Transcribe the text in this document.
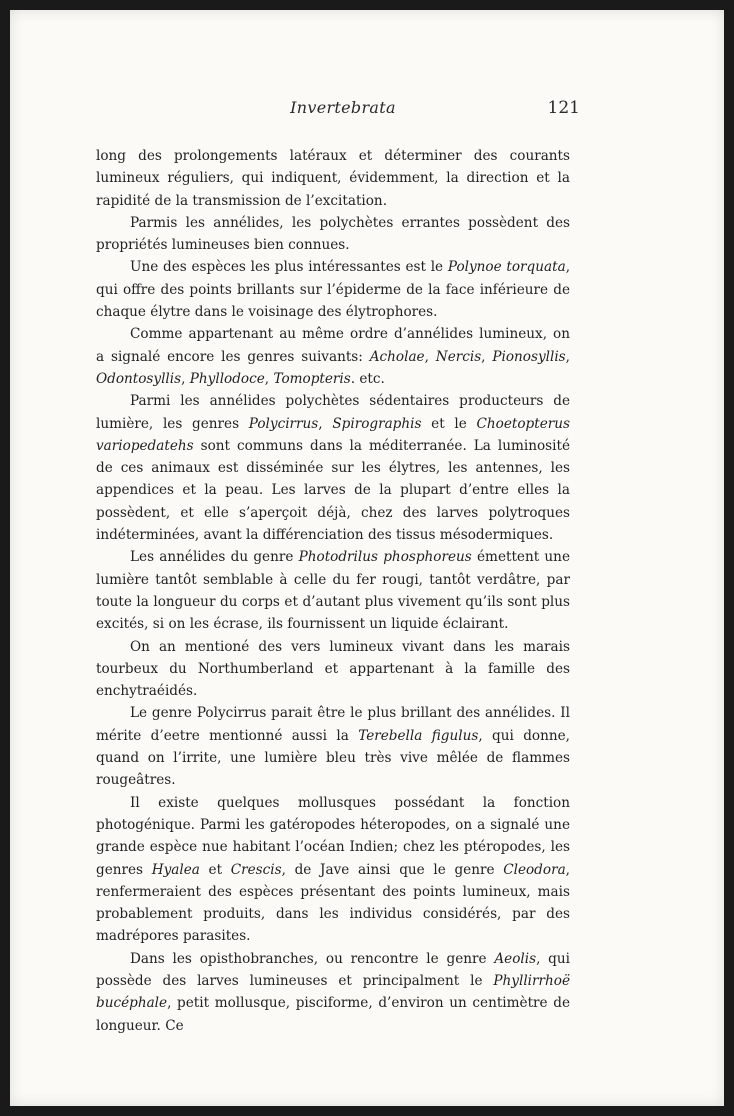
Invertebrata	121

long des prolongements latéraux et déterminer des courants lumineux réguliers, qui indiquent, évidemment, la direction et la rapidité de la transmission de l’excitation.

Parmis les annélides, les polychètes errantes possèdent des propriétés lumineuses bien connues.

Une des espèces les plus intéressantes est le Polynoe torquata, qui offre des points brillants sur l’épiderme de la face inférieure de chaque élytre dans le voisinage des élytrophores.

Comme appartenant au même ordre d’annélides lumineux, on a signalé encore les genres suivants: Acholae, Nercis, Pionosyllis, Odontosyllis, Phyllodoce, Tomopteris. etc.

Parmi les annélides polychètes sédentaires producteurs de lumière, les genres Polycirrus, Spirographis et le Choetopterus variopedatehs sont communs dans la méditerranée. La luminosité de ces animaux est disséminée sur les élytres, les antennes, les appendices et la peau. Les larves de la plupart d’entre elles la possèdent, et elle s’aperçoit déjà, chez des larves polytroques indéterminées, avant la différenciation des tissus mésodermiques.

Les annélides du genre Photodrilus phosphoreus émettent une lumière tantôt semblable à celle du fer rougi, tantôt verdâtre, par toute la longueur du corps et d’autant plus vivement qu’ils sont plus excités, si on les écrase, ils fournissent un liquide éclairant.

On an mentioné des vers lumineux vivant dans les marais tourbeux du Northumberland et appartenant à la famille des enchytraéidés.

Le genre Polycirrus parait être le plus brillant des annélides. Il mérite d’eetre mentionné aussi la Terebella figulus, qui donne, quand on l’irrite, une lumière bleu très vive mêlée de flammes rougeâtres.

Il existe quelques mollusques possédant la fonction photogénique. Parmi les gatéropodes héteropodes, on a signalé une grande espèce nue habitant l’océan Indien; chez les ptéropodes, les genres Hyalea et Crescis, de Jave ainsi que le genre Cleodora, renfermeraient des espèces présentant des points lumineux, mais probablement produits, dans les individus considérés, par des madrépores parasites.

Dans les opisthobranches, ou rencontre le genre Aeolis, qui possède des larves lumineuses et principalment le Phyllirrhoë bucéphale, petit mollusque, pisciforme, d’environ un centimètre de longueur. Ce
